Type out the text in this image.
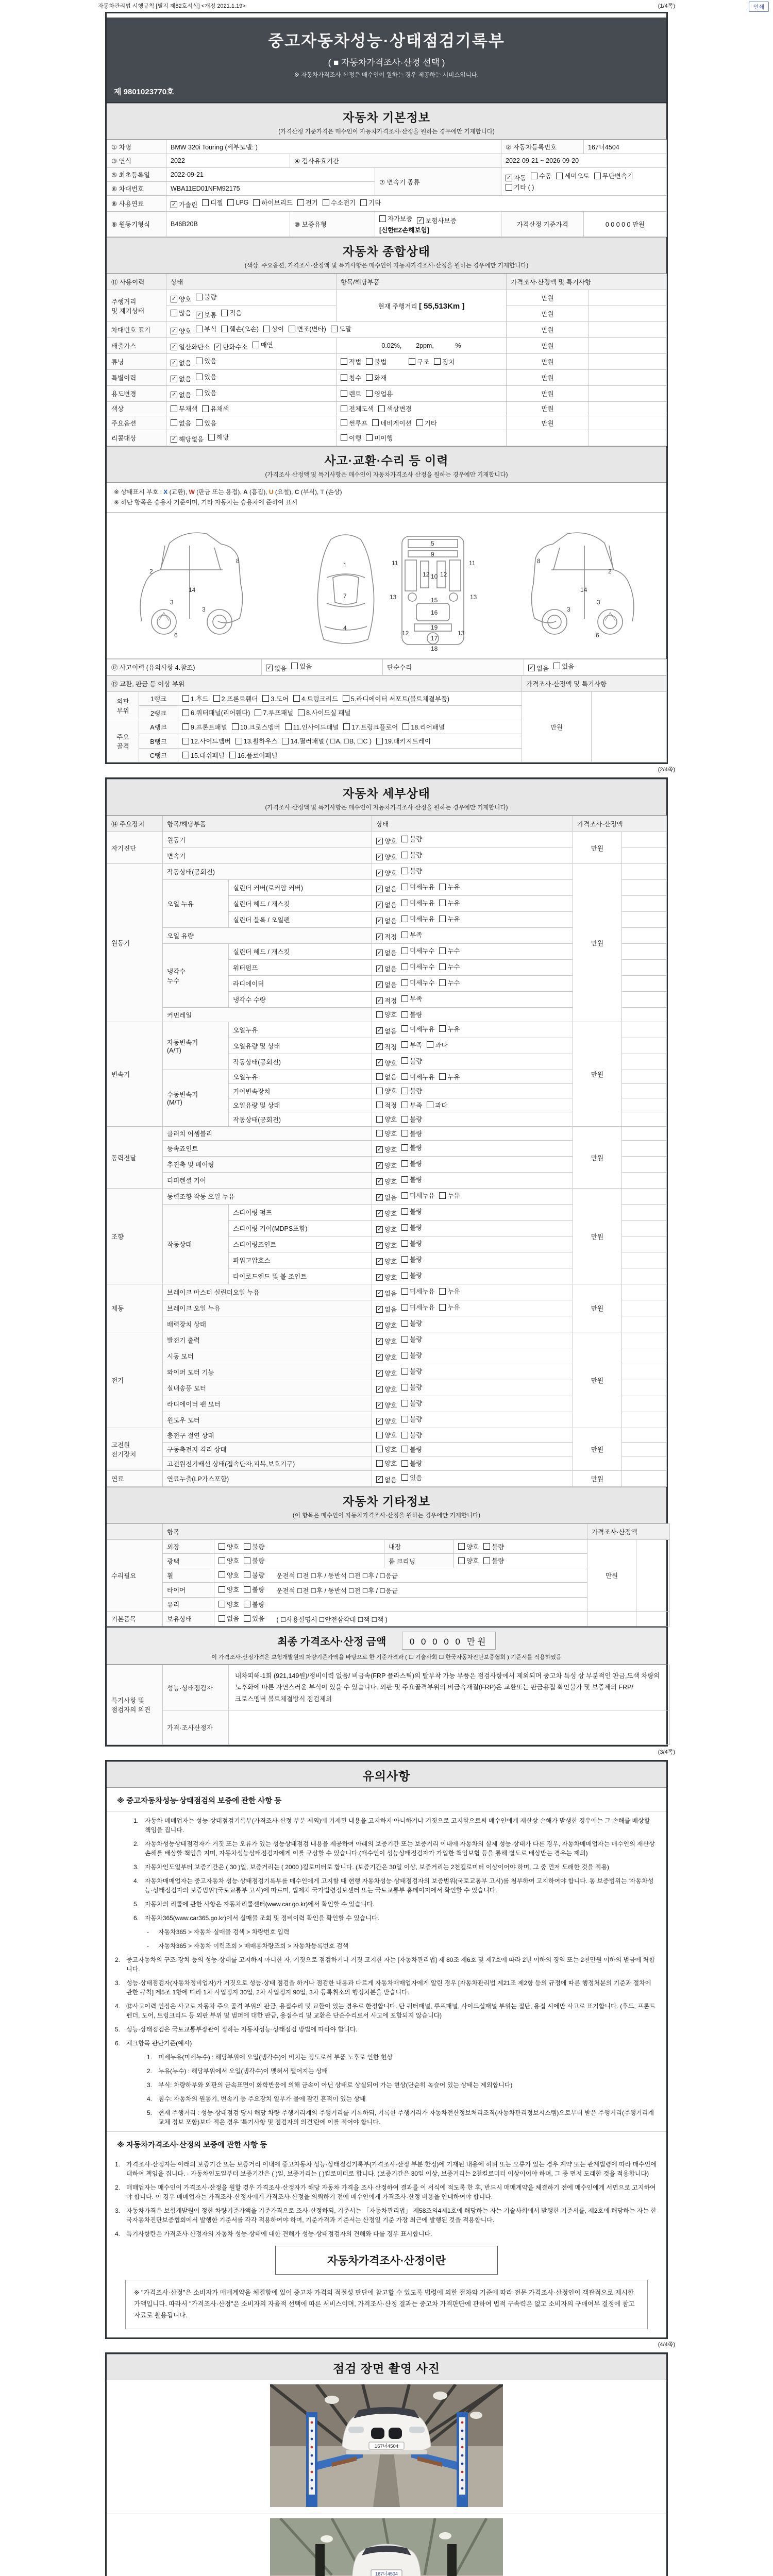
자동차관리법 시행규칙 [별지 제82호서식] <개정 2021.1.19>	(1/4쪽)	인쇄
중고자동차성능·상태점검기록부
( ■ 자동차가격조사·산정 선택 )
※ 자동차가격조사·산정은 매수인이 원하는 경우 제공하는 서비스입니다.
제 9801023770호
자동차 기본정보
(가격산정 기준가격은 매수인이 자동차가격조사·산정을 원하는 경우에만 기재합니다)
① 차명	BMW 320i Touring (세부모델: )			② 자동차등록번호	167너4504
③ 연식	2022	④ 검사유효기간		2022-09-21 ~ 2026-09-20	
⑤ 최초등록일	2022-09-21	⑦ 변속기 종류	
✓ 자동 수동 세미오토 무단변속기
기타 ( )

⑥ 차대번호	WBA11ED01NFM92175				
⑧ 사용연료	✓ 가솔린 디젤 LPG 하이브리드 전기 수소전기 기타

⑨ 원동기형식	B46B20B	⑩ 보증유형	자가보증 ✓ 보험사보증
[신한EZ손해보험]	가격산정 기준가격	0 0 0 0 0 만원
자동차 종합상태
(색상, 주요옵션, 가격조사·산정액 및 특기사항은 매수인이 자동차가격조사·산정을 원하는 경우에만 기재합니다)
⑪ 사용이력	상태	항목/해당부품	가격조사·산정액 및 특기사항	
주행거리
및 계기상태	✓ 양호 불량	현재 주행거리 [ 55,513Km ]	만원	

	많음 ✓ 보통 적음		만원	
차대번호 표기	✓ 양호 부식 훼손(오손) 상이 변조(변타) 도말	만원	
배출가스	✓ 일산화탄소 ✓ 탄화수소 매연	0.02%,        2ppm,            %	만원	
튜닝	✓ 없음 있음	적법 불법 구조 장치	만원	
특별이력	✓ 없음 있음	침수 화재	만원	
용도변경	✓ 없음 있음	렌트 영업용	만원	
색상	무채색 유채색	전체도색 색상변경	만원	
주요옵션	없음 있음	썬루프 네비게이션 기타	만원	
리콜대상	✓ 해당없음 해당	이행 미이행		

사고·교환·수리 등 이력
(가격조사·산정액 및 특기사항은 매수인이 자동차가격조사·산정을 원하는 경우에만 기재합니다)
※ 상태표시 부호 : X (교환), W (판금 또는 용접), A (흠집), U (요철), C (부식), T (손상)
※ 하단 항목은 승용차 기준이며, 기타 자동차는 승용차에 준하여 표시
2
8
14
3
3
6
2
8
14
3
3
6
1
7
4
5
9
11	11
10
13	13
12 12
15
16
19
17
12	13
18
⑫ 사고이력 (유의사항 4.참조)	✓ 없음 있음	단순수리	✓ 없음 있음
⑬ 교환, 판금 등 이상 부위			가격조사·산정액 및 특기사항	
외판
부위	1랭크	1.후드 2.프론트휀더 3.도어 4.트렁크리드 5.라디에이터 서포트(볼트체결부품)	만원	
	2랭크	6.쿼터패널(리어휀다) 7.루프패널 8.사이드실 패널		

주요
골격	A랭크	9.프론트패널 10.크로스멤버 11.인사이드패널 17.트렁크플로어 18.리어패널		

	B랭크	12.사이드멤버 13.휠하우스 14.필러패널 ( ☐A, ☐B, ☐C ) 19.패키지트레이		

	C랭크	15.대쉬패널 16.플로어패널		
(2/4쪽)
자동차 세부상태
(가격조사·산정액 및 특기사항은 매수인이 자동차가격조사·산정을 원하는 경우에만 기재합니다)
⑭ 주요장치	항목/해당부품		상태	가격조사·산정액	
자기진단	원동기		✓ 양호 불량	만원	
	변속기		✓ 양호 불량		

원동기	작동상태(공회전)		✓ 양호 불량	만원	
	오일 누유	실린더 커버(로커암 커버)	✓ 없음 미세누유 누유		

		실린더 헤드 / 개스킷	✓ 없음 미세누유 누유		

		실린더 블록 / 오일팬	✓ 없음 미세누유 누유		

	오일 유량		✓ 적정 부족		

	냉각수
누수	실린더 헤드 / 개스킷	✓ 없음 미세누수 누수		

		워터펌프	✓ 없음 미세누수 누수		

		라디에이터	✓ 없음 미세누수 누수		

		냉각수 수량	✓ 적정 부족		

	커먼레일		양호 불량		

변속기	자동변속기
(A/T)	오일누유	✓ 없음 미세누유 누유	만원	
		오일유량 및 상태	✓ 적정 부족 과다		

		작동상태(공회전)	✓ 양호 불량		

	수동변속기
(M/T)	오일누유	없음 미세누유 누유		

		기어변속장치	양호 불량		

		오일유량 및 상태	적정 부족 과다		

		작동상태(공회전)	양호 불량		

동력전달	클러치 어셈블리		양호 불량	만원	
	등속죠인트		✓ 양호 불량		

	추진축 및 베어링		✓ 양호 불량		

	디퍼렌셜 기어		✓ 양호 불량		

조향	동력조향 작동 오일 누유		✓ 없음 미세누유 누유	만원	
	작동상태	스티어링 펌프	✓ 양호 불량		

		스티어링 기어(MDPS포함)	✓ 양호 불량		

		스티어링조인트	✓ 양호 불량		

		파워고압호스	✓ 양호 불량		

		타이로드엔드 및 볼 조인트	✓ 양호 불량		

제동	브레이크 마스터 실린더오일 누유		✓ 없음 미세누유 누유	만원	
	브레이크 오일 누유		✓ 없음 미세누유 누유		

	배력장치 상태		✓ 양호 불량		

전기	발전기 출력		✓ 양호 불량	만원	
	시동 모터		✓ 양호 불량		

	와이퍼 모터 기능		✓ 양호 불량		

	실내송풍 모터		✓ 양호 불량		

	라디에이터 팬 모터		✓ 양호 불량		

	윈도우 모터		✓ 양호 불량		

고전원
전기장치	충전구 절연 상태		양호 불량	만원	
	구동축전지 격리 상태		양호 불량		

	고전원전기배선 상태(접속단자,피복,보호기구)		양호 불량		

연료	연료누출(LP가스포함)		✓ 없음 있음	만원	
자동차 기타정보
(이 항목은 매수인이 자동차가격조사·산정을 원하는 경우에만 기재합니다)
	항목				가격조사·산정액	
수리필요	외장	양호 불량	내장	양호 불량	만원	
	광택	양호 불량	룸 크리닝	양호 불량		

	휠	양호 불량 운전석 ☐전 ☐후 / 동반석 ☐전 ☐후 / ☐응급				
	타이어	양호 불량 운전석 ☐전 ☐후 / 동반석 ☐전 ☐후 / ☐응급				
	유리	양호 불량				

기본품목	보유상태	없음 있음 ( ☐사용설명서 ☐안전삼각대 ☐잭 ☐잭 )				
최종 가격조사·산정 금액	0 0 0 0 0 만원
이 가격조사·산정가격은 보험개발원의 차량기준가액을 바탕으로 한 기준가격과 ( ☐ 기술사회 ☐ 한국자동차진단보증협회 ) 기준서를 적용하였음
특기사항 및
점검자의 의견	성능·상태점검자	내차피해-1회 (921,149원)/정비이력 없음/ 비금속(FRP 플라스틱)의 탈부착 가능 부품은 점검사항에서 제외되며 중고차 특성 상 부분적인 판금,도색 차량의 노후화에 따른 자연스러운 부식이 있을 수 있습니다. 외판 및 주요골격부위의 비금속재질(FRP)은 교환또는 판금용접 확인불가 및 보증제외 FRP/크로스멤버 볼트체결방식 점검제외
	가격·조사산정자	
(3/4쪽)
유의사항
※ 중고자동차성능·상태점검의 보증에 관한 사항 등
1. 자동차 매매업자는 성능·상태점검기록부(가격조사·산정 부분 제외)에 기재된 내용을 고지하지 아니하거나 거짓으로 고지함으로써 매수인에게 재산상 손해가 발생한 경우에는 그 손해를 배상할 책임을 집니다.
2. 자동차성능상태점검자가 거짓 또는 오류가 있는 성능상태점검 내용을 제공하여 아래의 보증기간 또는 보증거리 이내에 자동차의 실제 성능·상태가 다른 경우, 자동차매매업자는 매수인의 재산상 손해를 배상할 책임을 지며, 자동차성능상태점검자에게 이를 구상할 수 있습니다.(매수인이 성능상태점검자가 가입한 책임보험 등을 통해 별도로 배상받는 경우는 제외)
3. 자동차인도일부터 보증기간은 ( 30 )일, 보증거리는 ( 2000 )킬로미터로 합니다. (보증기간은 30일 이상, 보증거리는 2천킬로미터 이상이어야 하며, 그 중 먼저 도래한 것을 적용)
4. 자동차매매업자는 중고자동차 성능·상태점검기록부를 매수인에게 고지할 때 현행 자동차성능·상태점검자의 보증범위(국토교통부 고시)를 첨부하여 고지하여야 합니다. 동 보증범위는 '자동차성능·상태점검자의 보증범위'(국토교통부 고시)에 따르며, 법제처 국가법령정보센터 또는 국토교통부 홈페이지에서 확인할 수 있습니다.
5. 자동차의 리콜에 관한 사항은 자동차리콜센터(www.car.go.kr)에서 확인할 수 있습니다.
6. 자동차365(www.car365.go.kr)에서 실매물 조회 및 정비이력 확인을 확인할 수 있습니다.
-	자동차365 > 자동차 실매물 검색 > 차량번호 입력
-	자동차365 > 자동차 이력조회 > 매매용차량조회 > 자동차등록번호 검색
2. 중고자동차의 구조·장치 등의 성능·상태를 고지하지 아니한 자, 거짓으로 점검하거나 거짓 고지한 자는 [자동차관리법] 제 80조 제6호 및 제7호에 따라 2년 이하의 징역 또는 2천만원 이하의 벌금에 처합니다.
3. 성능·상태점검자(자동차정비업자)가 거짓으로 성능·상태 점검을 하거나 점검한 내용과 다르게 자동차매매업자에게 알린 경우 [자동차관리법 제21조 제2항 등의 규정에 따른 행정처분의 기준과 절차에 관한 규칙] 제5조 1항에 따라 1차 사업정지 30일, 2차 사업정지 90일, 3차 등록취소의 행정처분을 받습니다.
4. ⑫사고이력 인정은 사고로 자동차 주요 골격 부위의 판금, 용접수리 및 교환이 있는 경우로 한정합니다. 단 쿼터패널, 루프패널, 사이드실패널 부위는 절단, 용접 시에만 사고로 표기합니다. (후드, 프론트펜더, 도어, 트렁크리드 등 외판 부위 및 범퍼에 대한 판금, 용접수리 및 교환은 단순수리로서 사고에 포함되지 않습니다)
5. 성능·상태점검은 국토교통부장관이 정하는 자동차성능·상태점검 방법에 따라야 합니다.
6. 체크항목 판단기준(예시)
1. 미세누유(미세누수) : 해당부위에 오일(냉각수)이 비치는 정도로서 부품 노후로 인한 현상
2. 누유(누수) : 해당부위에서 오일(냉각수)이 맺혀서 떨어지는 상태
3. 부식: 차량하부와 외판의 금속표면이 화학반응에 의해 금속이 아닌 상태로 상실되어 가는 현상(단순히 녹슬어 있는 상태는 제외합니다)
4. 침수: 자동차의 원동기, 변속기 등 주요장치 일부가 물에 잠긴 흔적이 있는 상태
5. 현재 주행거리 : 성능·상태점검 당시 해당 차량 주행거리계의 주행거리를 기록하되, 기록한 주행거리가 자동차전산정보처리조직(자동차관리정보시스템)으로부터 받은 주행거리(주행거리계 교체 정보 포함)보다 적은 경우 '특기사항 및 점검자의 의견'란에 이를 적어야 합니다.
※ 자동차가격조사·산정의 보증에 관한 사항 등
1. 가격조사·산정자는 아래의 보증기간 또는 보증거리 이내에 중고자동차 성능·상태점검기록부(가격조사·산정 부분 한정)에 기재된 내용에 허위 또는 오류가 있는 경우 계약 또는 관계법령에 따라 매수인에 대하여 책임을 집니다. · 자동차인도일부터 보증기간은 ( )일, 보증거리는 ( )킬로미터로 합니다. (보증기간은 30일 이상, 보증거리는 2천킬로미터 이상이어야 하며, 그 중 먼저 도래한 것을 적용합니다)
2. 매매업자는 매수인이 가격조사·산정을 원할 경우 가격조사·산정자가 해당 자동차 가격을 조사·산정하여 결과를 이 서식에 적도록 한 후, 반드시 매매계약을 체결하기 전에 매수인에게 서면으로 고지하여야 합니다. 이 경우 매매업자는 가격조사·산정자에게 가격조사·산정을 의뢰하기 전에 매수인에게 가격조사·산정 비용을 안내하여야 합니다.
3. 자동차가격은 보험개발원이 정한 차량기준가액을 기준가격으로 조사·산정하되, 기준서는 「자동차관리법」 제58조의4제1호에 해당하는 자는 기술사회에서 발행한 기준서를, 제2호에 해당하는 자는 한국자동차진단보증협회에서 발행한 기준서를 각각 적용하여야 하며, 기준가격과 기준서는 산정일 기준 가장 최근에 발행된 것을 적용합니다.
4. 특기사항란은 가격조사·산정자의 자동차 성능·상태에 대한 견해가 성능·상태점검자의 견해와 다를 경우 표시합니다.
자동차가격조사·산정이란
※ "가격조사·산정"은 소비자가 매매계약을 체결함에 있어 중고차 가격의 적절성 판단에 참고할 수 있도록 법령에 의한 절차와 기준에 따라 전문 가격조사·산정인이 객관적으로 제시한 가액입니다. 따라서 "가격조사·산정"은 소비자의 자율적 선택에 따른 서비스이며, 가격조사·산정 결과는 중고차 가격판단에 관하여 법적 구속력은 없고 소비자의 구매여부 결정에 참고자료로 활용됩니다.
(4/4쪽)
점검 장면 촬영 사진
167너4504
167너4504
